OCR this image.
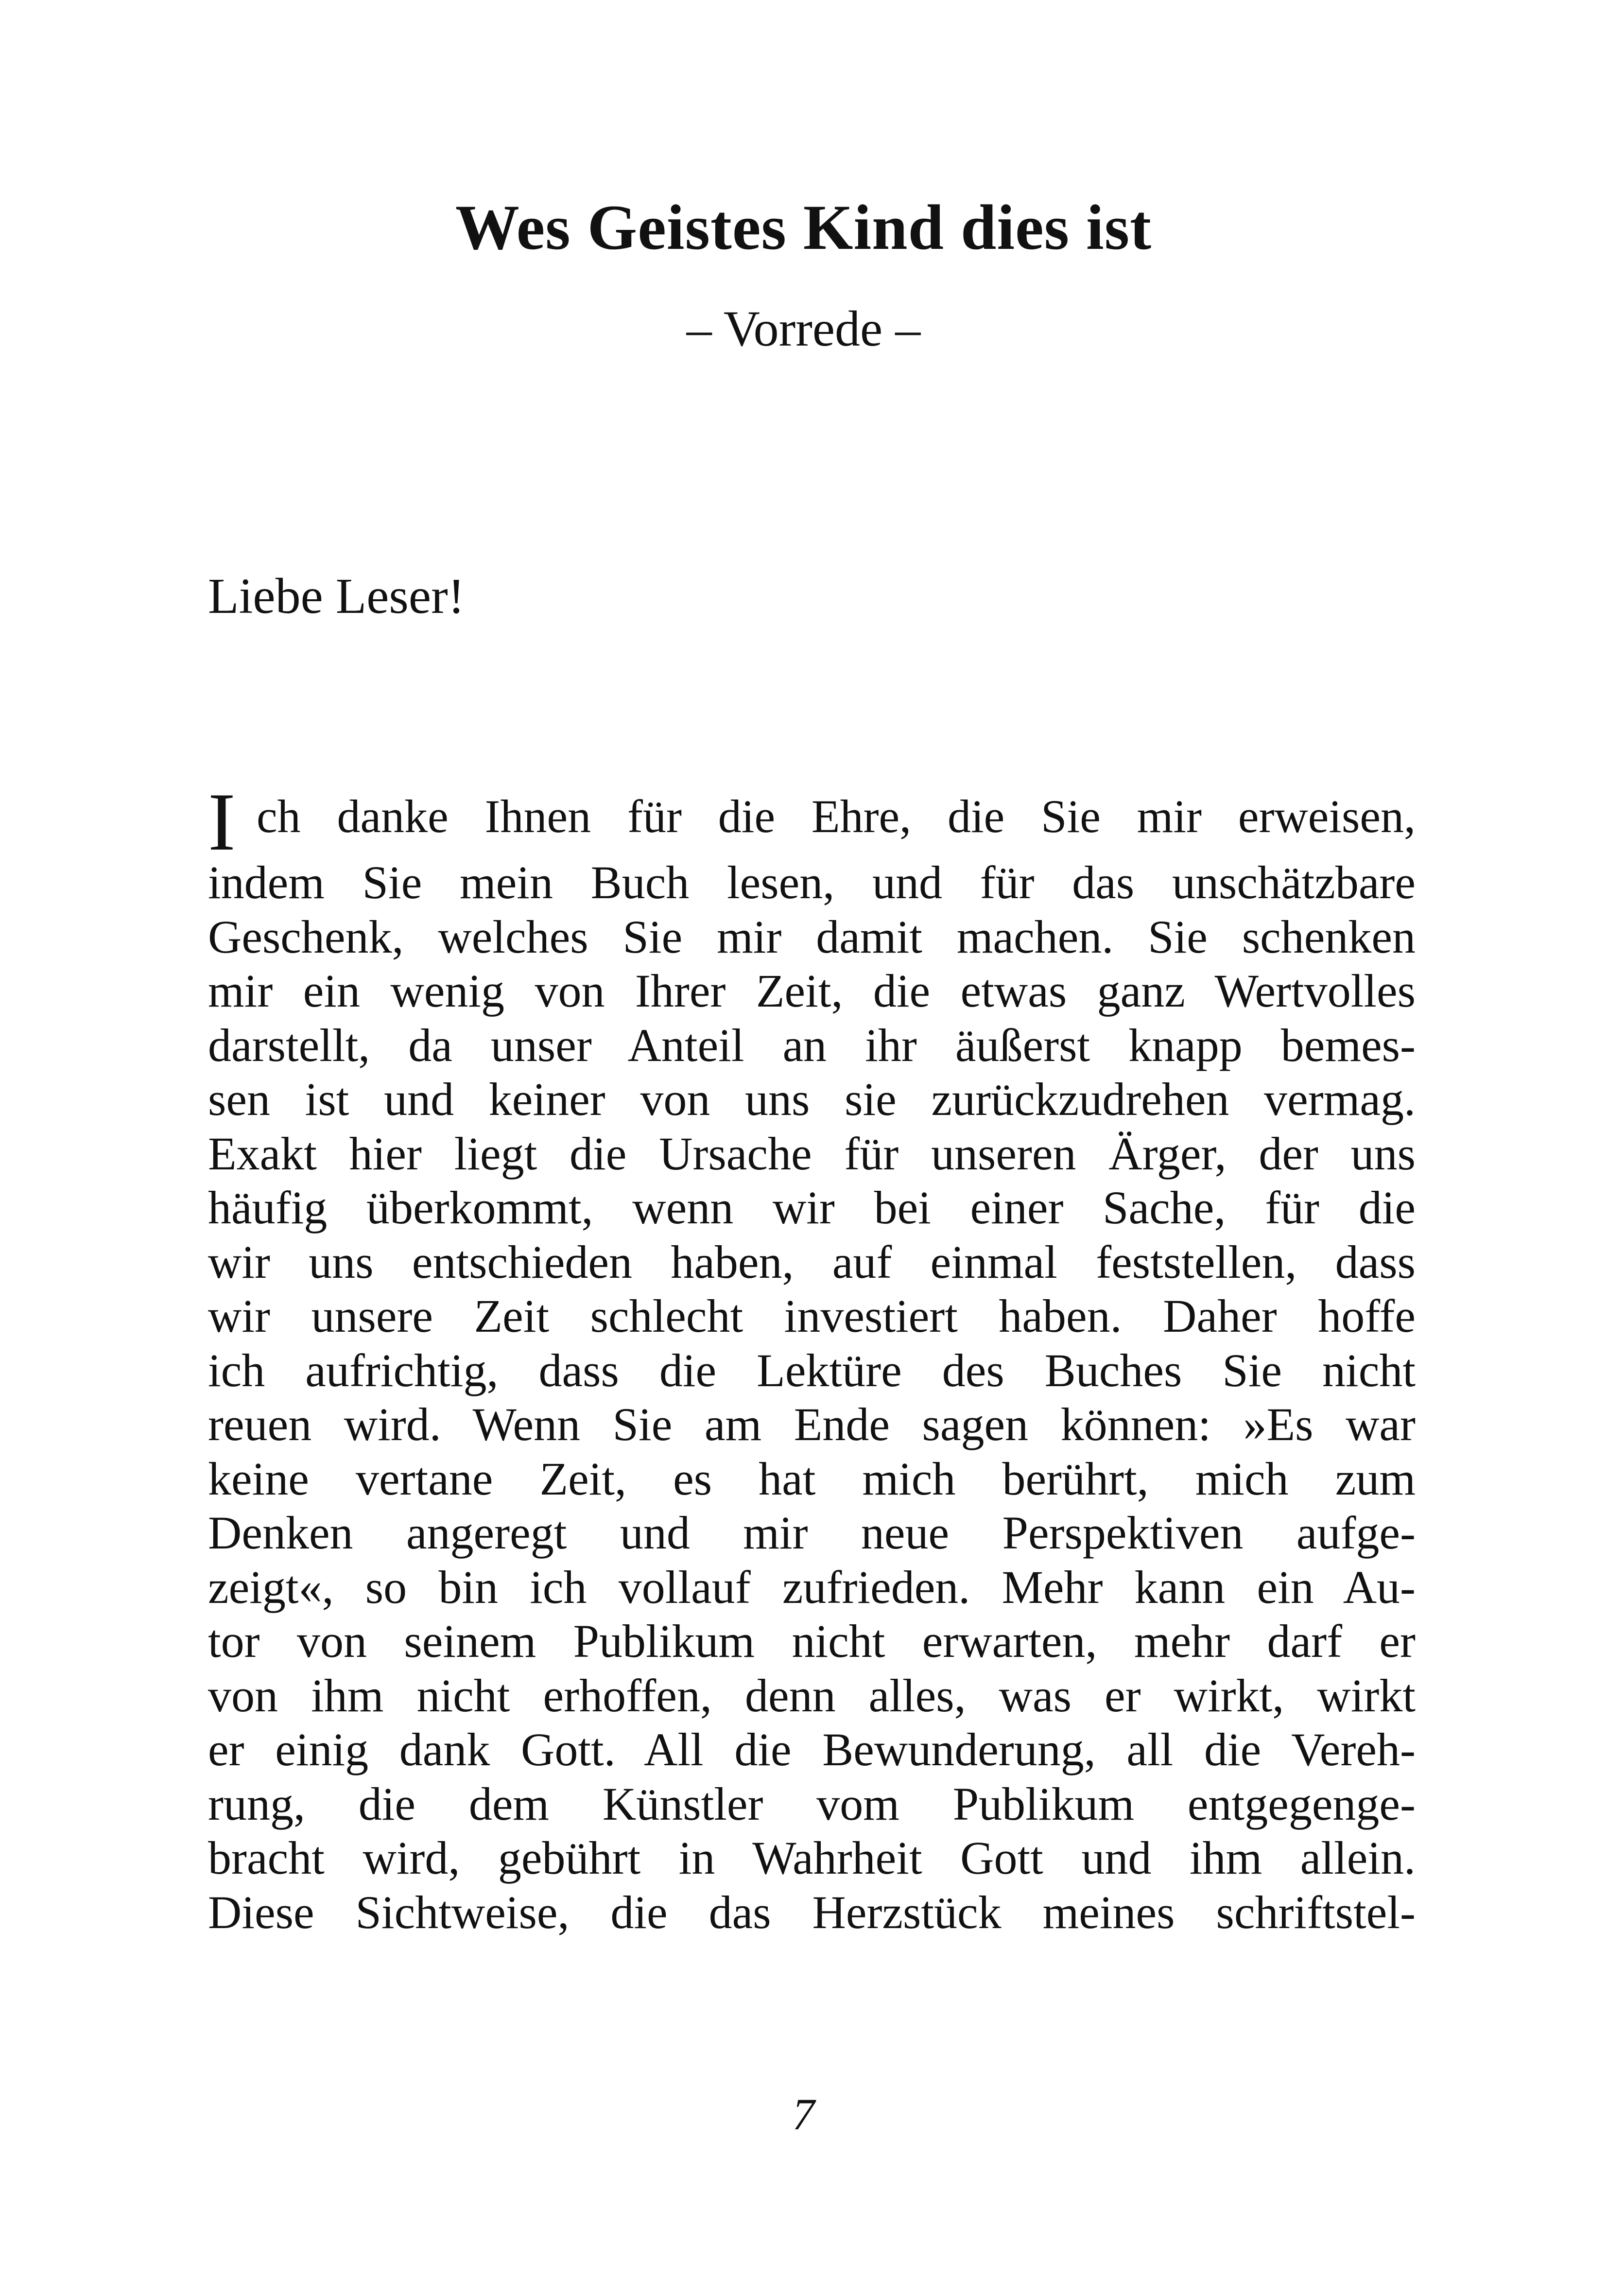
Wes Geistes Kind dies ist
– Vorrede –
Liebe Leser!
I ch danke Ihnen für die Ehre, die Sie mir erweisen,
indem Sie mein Buch lesen, und für das unschätzbare
Geschenk, welches Sie mir damit machen. Sie schenken
mir ein wenig von Ihrer Zeit, die etwas ganz Wertvolles
darstellt, da unser Anteil an ihr äußerst knapp bemes-
sen ist und keiner von uns sie zurückzudrehen vermag.
Exakt hier liegt die Ursache für unseren Ärger, der uns
häufig überkommt, wenn wir bei einer Sache, für die
wir uns entschieden haben, auf einmal feststellen, dass
wir unsere Zeit schlecht investiert haben. Daher hoffe
ich aufrichtig, dass die Lektüre des Buches Sie nicht
reuen wird. Wenn Sie am Ende sagen können: »Es war
keine vertane Zeit, es hat mich berührt, mich zum
Denken angeregt und mir neue Perspektiven aufge-
zeigt«, so bin ich vollauf zufrieden. Mehr kann ein Au-
tor von seinem Publikum nicht erwarten, mehr darf er
von ihm nicht erhoffen, denn alles, was er wirkt, wirkt
er einig dank Gott. All die Bewunderung, all die Vereh-
rung, die dem Künstler vom Publikum entgegenge-
bracht wird, gebührt in Wahrheit Gott und ihm allein.
Diese Sichtweise, die das Herzstück meines schriftstel-
7
